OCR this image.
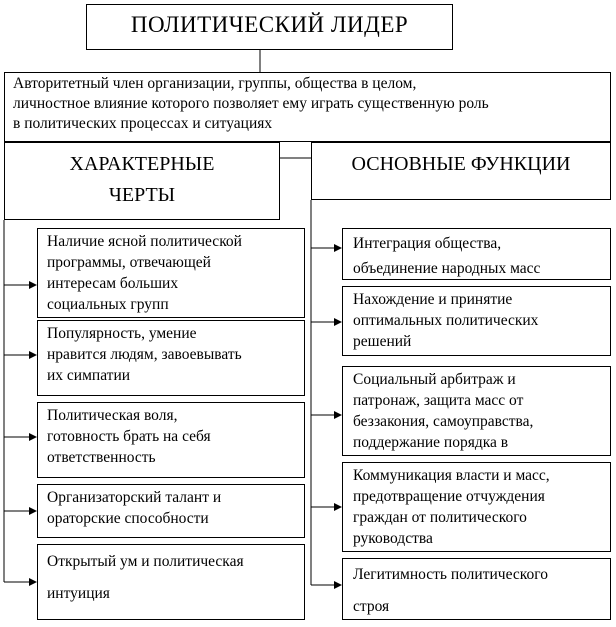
ПОЛИТИЧЕСКИЙ ЛИДЕР
Авторитетный член организации, группы, общества в целом,
личностное влияние которого позволяет ему играть существенную роль
в политических процессах и ситуациях
ХАРАКТЕРНЫЕ
ЧЕРТЫ
ОСНОВНЫЕ ФУНКЦИИ
Наличие ясной политической
программы, отвечающей
интересам больших
социальных групп
Популярность, умение
нравится людям, завоевывать
их симпатии
Политическая воля,
готовность брать на себя
ответственность
Организаторский талант и
ораторские способности
Открытый ум и политическая
интуиция
Интеграция общества,
объединение народных масс
Нахождение и принятие
оптимальных политических
решений
Социальный арбитраж и
патронаж, защита масс от
беззакония, самоуправства,
поддержание порядка в
Коммуникация власти и масс,
предотвращение отчуждения
граждан от политического
руководства
Легитимность политического
строя
